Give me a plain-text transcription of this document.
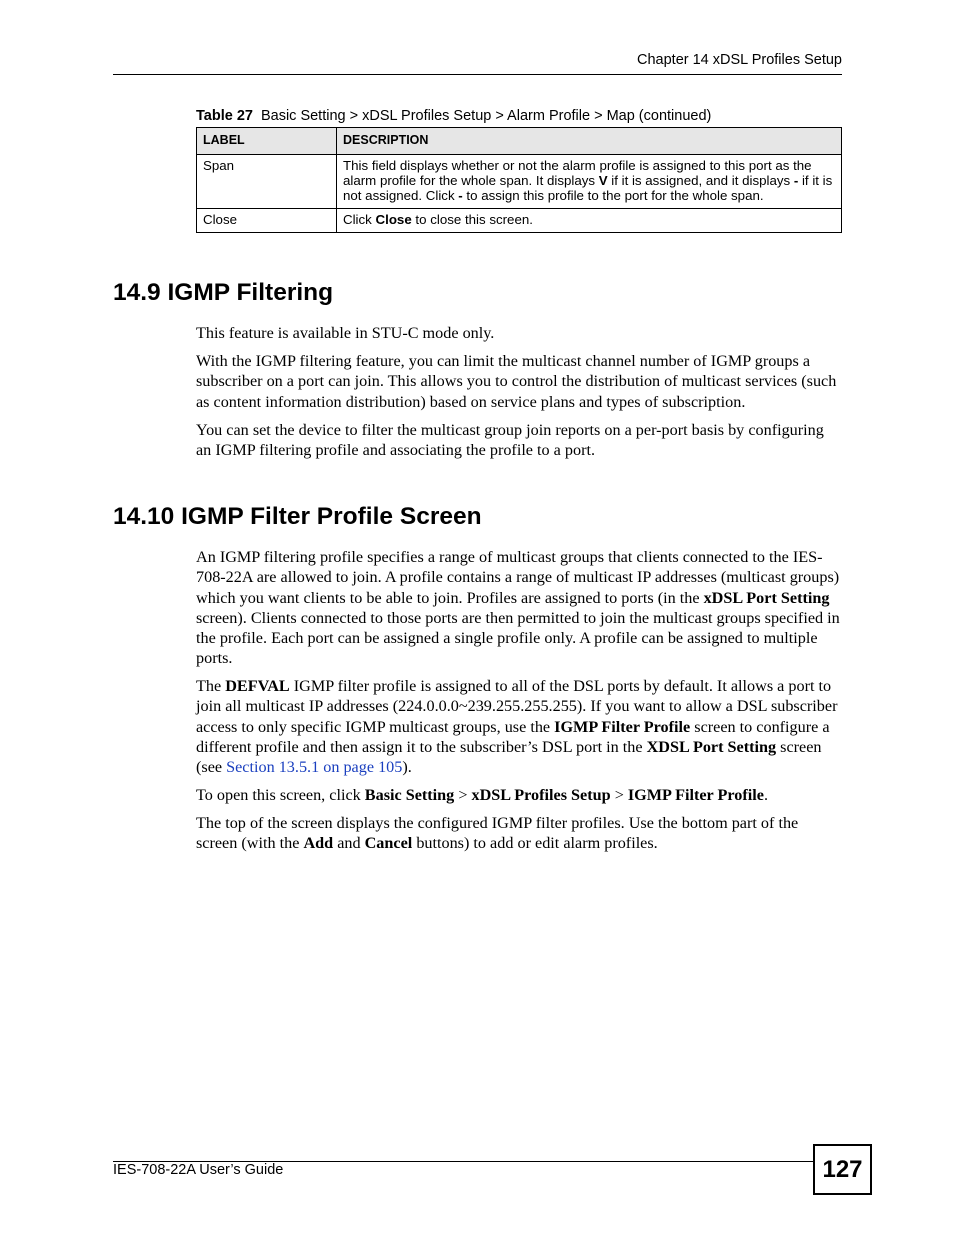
Chapter 14 xDSL Profiles Setup
Table 27 Basic Setting > xDSL Profiles Setup > Alarm Profile > Map (continued)
LABEL	DESCRIPTION
Span	This field displays whether or not the alarm profile is assigned to this port as the alarm profile for the whole span. It displays V if it is assigned, and it displays - if it is not assigned. Click - to assign this profile to the port for the whole span.
Close	Click Close to close this screen.
14.9 IGMP Filtering

This feature is available in STU-C mode only.

With the IGMP filtering feature, you can limit the multicast channel number of IGMP groups a subscriber on a port can join. This allows you to control the distribution of multicast services (such as content information distribution) based on service plans and types of subscription.

You can set the device to filter the multicast group join reports on a per-port basis by configuring an IGMP filtering profile and associating the profile to a port.

14.10 IGMP Filter Profile Screen

An IGMP filtering profile specifies a range of multicast groups that clients connected to the IES-708-22A are allowed to join. A profile contains a range of multicast IP addresses (multicast groups) which you want clients to be able to join. Profiles are assigned to ports (in the xDSL Port Setting screen). Clients connected to those ports are then permitted to join the multicast groups specified in the profile. Each port can be assigned a single profile only. A profile can be assigned to multiple ports.

The DEFVAL IGMP filter profile is assigned to all of the DSL ports by default. It allows a port to join all multicast IP addresses (224.0.0.0~239.255.255.255). If you want to allow a DSL subscriber access to only specific IGMP multicast groups, use the IGMP Filter Profile screen to configure a different profile and then assign it to the subscriber’s DSL port in the XDSL Port Setting screen (see Section 13.5.1 on page 105).

To open this screen, click Basic Setting > xDSL Profiles Setup > IGMP Filter Profile.

The top of the screen displays the configured IGMP filter profiles. Use the bottom part of the screen (with the Add and Cancel buttons) to add or edit alarm profiles.

IES-708-22A User’s Guide	127
